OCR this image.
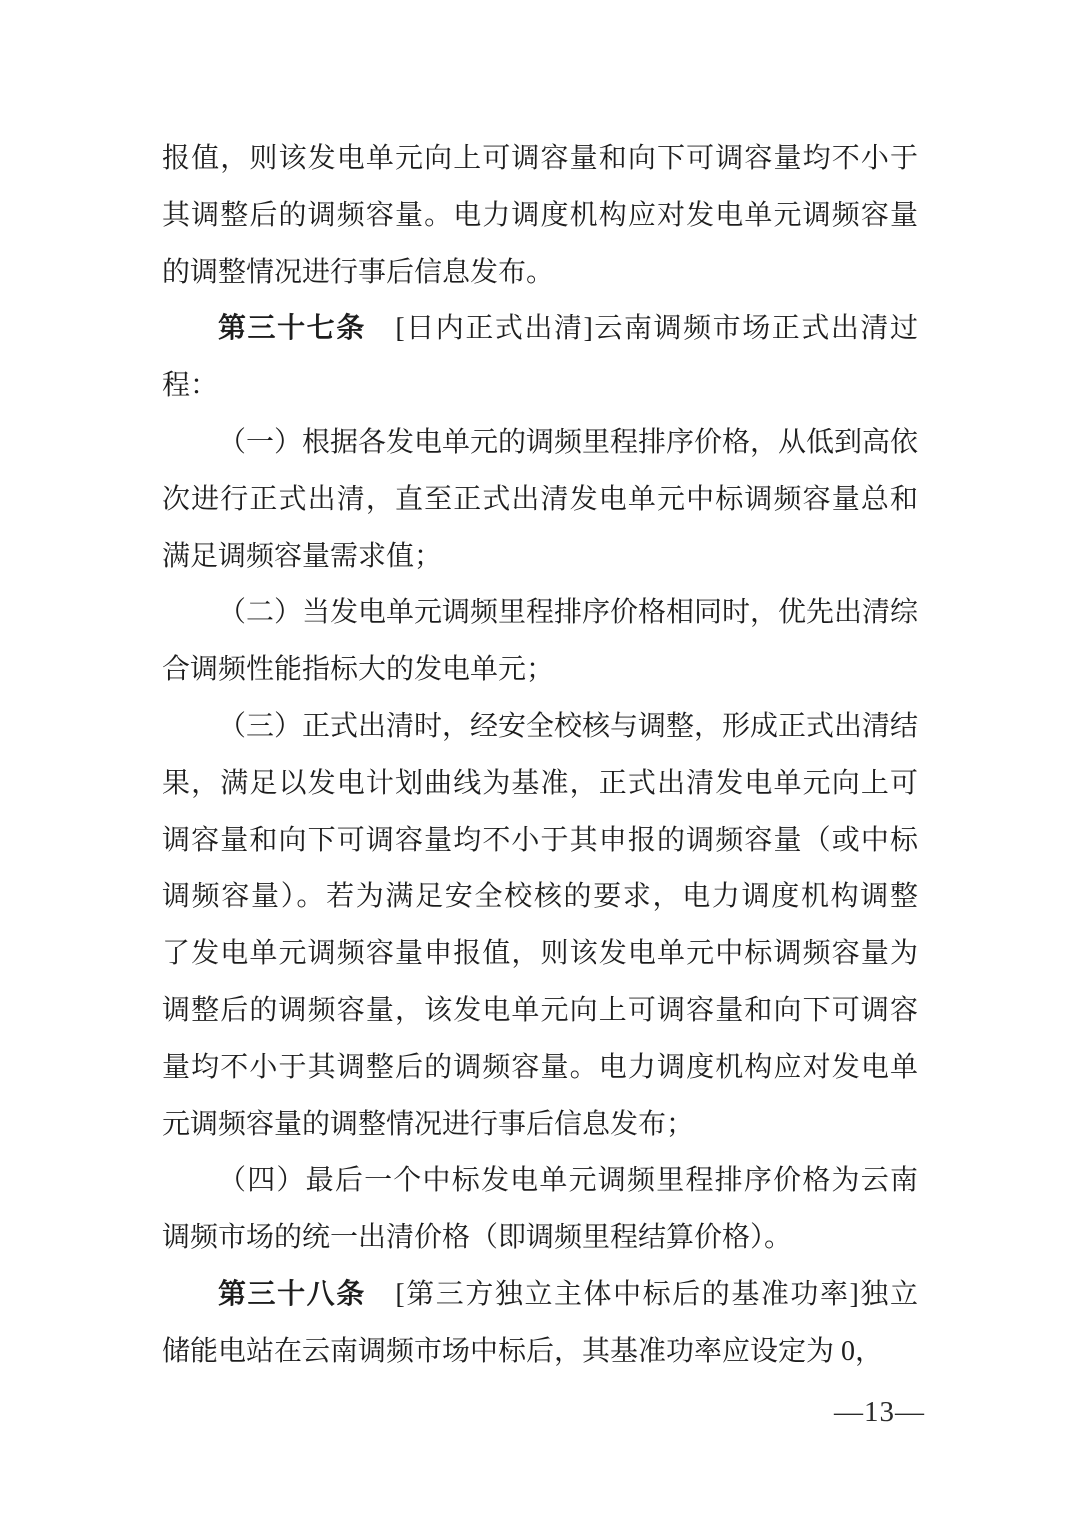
报值，则该发电单元向上可调容量和向下可调容量均不小于
其调整后的调频容量。电力调度机构应对发电单元调频容量
的调整情况进行事后信息发布。
第三十七条　[日内正式出清]云南调频市场正式出清过
程：
（一）根据各发电单元的调频里程排序价格，从低到高依
次进行正式出清，直至正式出清发电单元中标调频容量总和
满足调频容量需求值；
（二）当发电单元调频里程排序价格相同时，优先出清综
合调频性能指标大的发电单元；
（三）正式出清时，经安全校核与调整，形成正式出清结
果，满足以发电计划曲线为基准，正式出清发电单元向上可
调容量和向下可调容量均不小于其申报的调频容量（或中标
调频容量）。若为满足安全校核的要求，电力调度机构调整
了发电单元调频容量申报值，则该发电单元中标调频容量为
调整后的调频容量，该发电单元向上可调容量和向下可调容
量均不小于其调整后的调频容量。电力调度机构应对发电单
元调频容量的调整情况进行事后信息发布；
（四）最后一个中标发电单元调频里程排序价格为云南
调频市场的统一出清价格（即调频里程结算价格）。
第三十八条　[第三方独立主体中标后的基准功率]独立
储能电站在云南调频市场中标后，其基准功率应设定为 0，
—13—
